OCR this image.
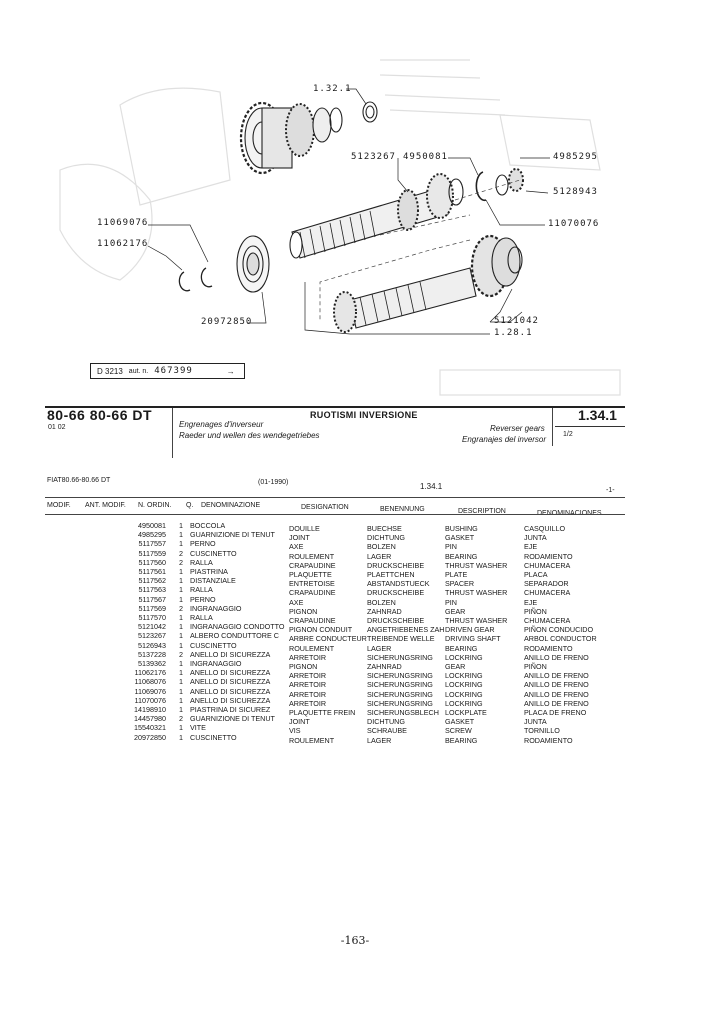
1.32.1
5123267 4950081	4985295
5128943
11069076
11062176
11070076
20972850	5121042
1.28.1
D 3213 aut. n. 467399	→
80-66 80-66 DT
01 02
RUOTISMI INVERSIONE
Engrenages d'inverseur
Raeder und wellen des wendegetriebes
Reverser gears
Engranajes del inversor
1.34.1
1/2
FIAT80.66-80.66 DT	(01-1990)	1.34.1	-1-
MODIF. ANT. MODIF. N. ORDIN. Q. DENOMINAZIONE	DESIGNATION	BENENNUNG	DESCRIPTION	DENOMINACIONES
4950081	1	BOCCOLA	DOUILLE	BUECHSE	BUSHING	CASQUILLO
4985295	1	GUARNIZIONE DI TENUT	JOINT	DICHTUNG	GASKET	JUNTA
5117557	1	PERNO	AXE	BOLZEN	PIN	EJE
5117559	2	CUSCINETTO	ROULEMENT	LAGER	BEARING	RODAMIENTO
5117560	2	RALLA	CRAPAUDINE	DRUCKSCHEIBE	THRUST WASHER	CHUMACERA
5117561	1	PIASTRINA	PLAQUETTE	PLAETTCHEN	PLATE	PLACA
5117562	1	DISTANZIALE	ENTRETOISE	ABSTANDSTUECK	SPACER	SEPARADOR
5117563	1	RALLA	CRAPAUDINE	DRUCKSCHEIBE	THRUST WASHER	CHUMACERA
5117567	1	PERNO	AXE	BOLZEN	PIN	EJE
5117569	2	INGRANAGGIO	PIGNON	ZAHNRAD	GEAR	PIÑON
5117570	1	RALLA	CRAPAUDINE	DRUCKSCHEIBE	THRUST WASHER	CHUMACERA
5121042	1	INGRANAGGIO CONDOTTO	PIGNON CONDUIT	ANGETRIEBENES ZAH	DRIVEN GEAR	PIÑON CONDUCIDO
5123267	1	ALBERO CONDUTTORE C	ARBRE CONDUCTEUR	TREIBENDE WELLE	DRIVING SHAFT	ARBOL CONDUCTOR
5126943	1	CUSCINETTO	ROULEMENT	LAGER	BEARING	RODAMIENTO
5137228	2	ANELLO DI SICUREZZA	ARRETOIR	SICHERUNGSRING	LOCKRING	ANILLO DE FRENO
5139362	1	INGRANAGGIO	PIGNON	ZAHNRAD	GEAR	PIÑON
11062176	1	ANELLO DI SICUREZZA	ARRETOIR	SICHERUNGSRING	LOCKRING	ANILLO DE FRENO
11068076	1	ANELLO DI SICUREZZA	ARRETOIR	SICHERUNGSRING	LOCKRING	ANILLO DE FRENO
11069076	1	ANELLO DI SICUREZZA	ARRETOIR	SICHERUNGSRING	LOCKRING	ANILLO DE FRENO
11070076	1	ANELLO DI SICUREZZA	ARRETOIR	SICHERUNGSRING	LOCKRING	ANILLO DE FRENO
14198910	1	PIASTRINA DI SICUREZ	PLAQUETTE FREIN	SICHERUNGSBLECH	LOCKPLATE	PLACA DE FRENO
14457980	2	GUARNIZIONE DI TENUT	JOINT	DICHTUNG	GASKET	JUNTA
15540321	1	VITE	VIS	SCHRAUBE	SCREW	TORNILLO
20972850	1	CUSCINETTO	ROULEMENT	LAGER	BEARING	RODAMIENTO
-163-
